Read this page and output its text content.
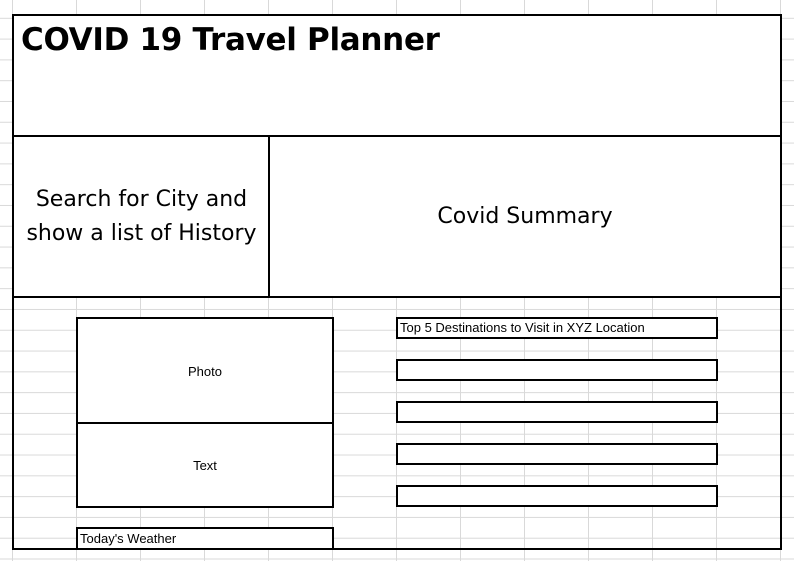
COVID 19 Travel Planner
Search for City and
show a list of History
Covid Summary
Photo
Text
Today's Weather
Top 5 Destinations to Visit in XYZ Location
